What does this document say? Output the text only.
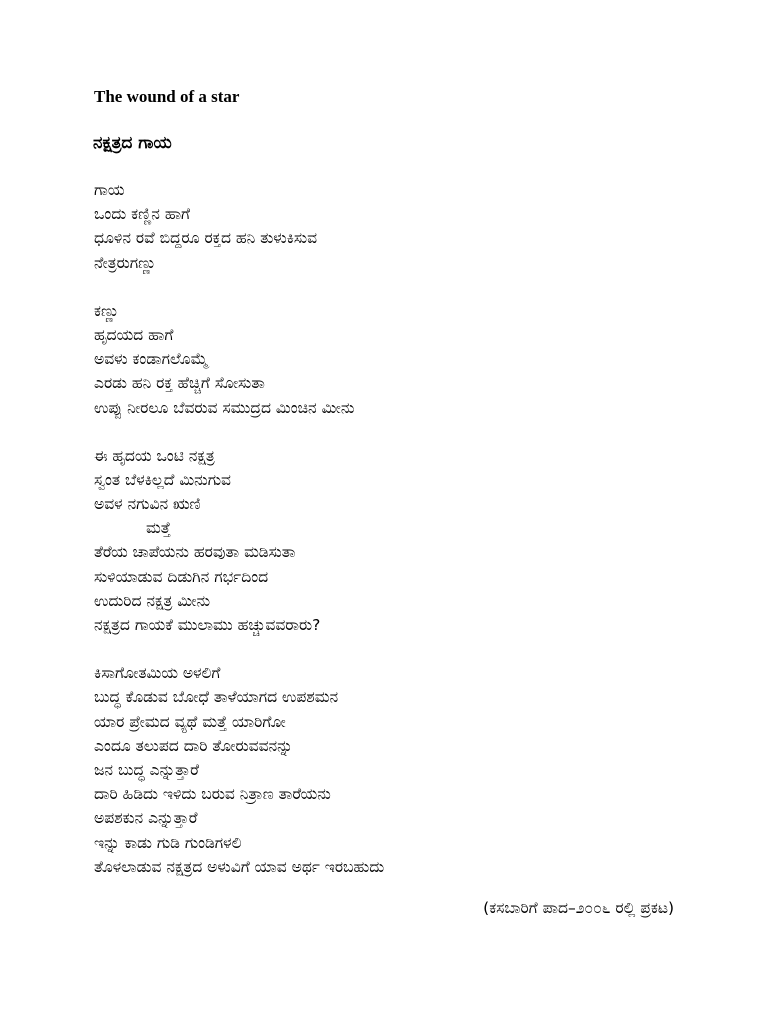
The wound of a star
ನಕ್ಷತ್ರದ ಗಾಯ
ಗಾಯ
ಒಂದು ಕಣ್ಣಿನ ಹಾಗೆ
ಧೂಳಿನ ರವೆ ಬಿದ್ದರೂ ರಕ್ತದ ಹನಿ ತುಳುಕಿಸುವ
ನೇತ್ರರುಗಣ್ಣು
ಕಣ್ಣು
ಹೃದಯದ ಹಾಗೆ
ಅವಳು ಕಂಡಾಗಲೊಮ್ಮೆ
ಎರಡು ಹನಿ ರಕ್ತ ಹೆಚ್ಚಿಗೆ ಸೋಸುತಾ
ಉಪ್ಪು ನೀರಲೂ ಬೆವರುವ ಸಮುದ್ರದ ಮಿಂಚಿನ ಮೀನು
ಈ ಹೃದಯ ಒಂಟಿ ನಕ್ಷತ್ರ
ಸ್ವಂತ ಬೆಳಕಿಲ್ಲದೆ ಮಿನುಗುವ
ಅವಳ ನಗುವಿನ ಋಣಿ
ಮತ್ತೆ
ತೆರೆಯ ಚಾಪೆಯನು ಹರವುತಾ ಮಡಿಸುತಾ
ಸುಳಿಯಾಡುವ ದಿಡುಗಿನ ಗರ್ಭದಿಂದ
ಉದುರಿದ ನಕ್ಷತ್ರ ಮೀನು
ನಕ್ಷತ್ರದ ಗಾಯಕೆ ಮುಲಾಮು ಹಚ್ಚುವವರಾರು?
ಕಿಸಾಗೋತಮಿಯ ಅಳಲಿಗೆ
ಬುದ್ಧ ಕೊಡುವ ಬೋಧೆ ತಾಳೆಯಾಗದ ಉಪಶಮನ
ಯಾರ ಪ್ರೇಮದ ವ್ಯಥೆ ಮತ್ತೆ ಯಾರಿಗೋ
ಎಂದೂ ತಲುಪದ ದಾರಿ ತೋರುವವನನ್ನು
ಜನ ಬುದ್ಧ ಎನ್ನುತ್ತಾರೆ
ದಾರಿ ಹಿಡಿದು ಇಳಿದು ಬರುವ ನಿತ್ರಾಣ ತಾರೆಯನು
ಅಪಶಕುನ ಎನ್ನುತ್ತಾರೆ
ಇನ್ನು ಕಾಡು ಗುಡಿ ಗುಂಡಿಗಳಲಿ
ತೊಳಲಾಡುವ ನಕ್ಷತ್ರದ ಅಳುವಿಗೆ ಯಾವ ಅರ್ಥ ಇರಬಹುದು
(ಕಸಬಾರಿಗೆ ಪಾದ–೨೦೦೬ ರಲ್ಲಿ ಪ್ರಕಟ)
